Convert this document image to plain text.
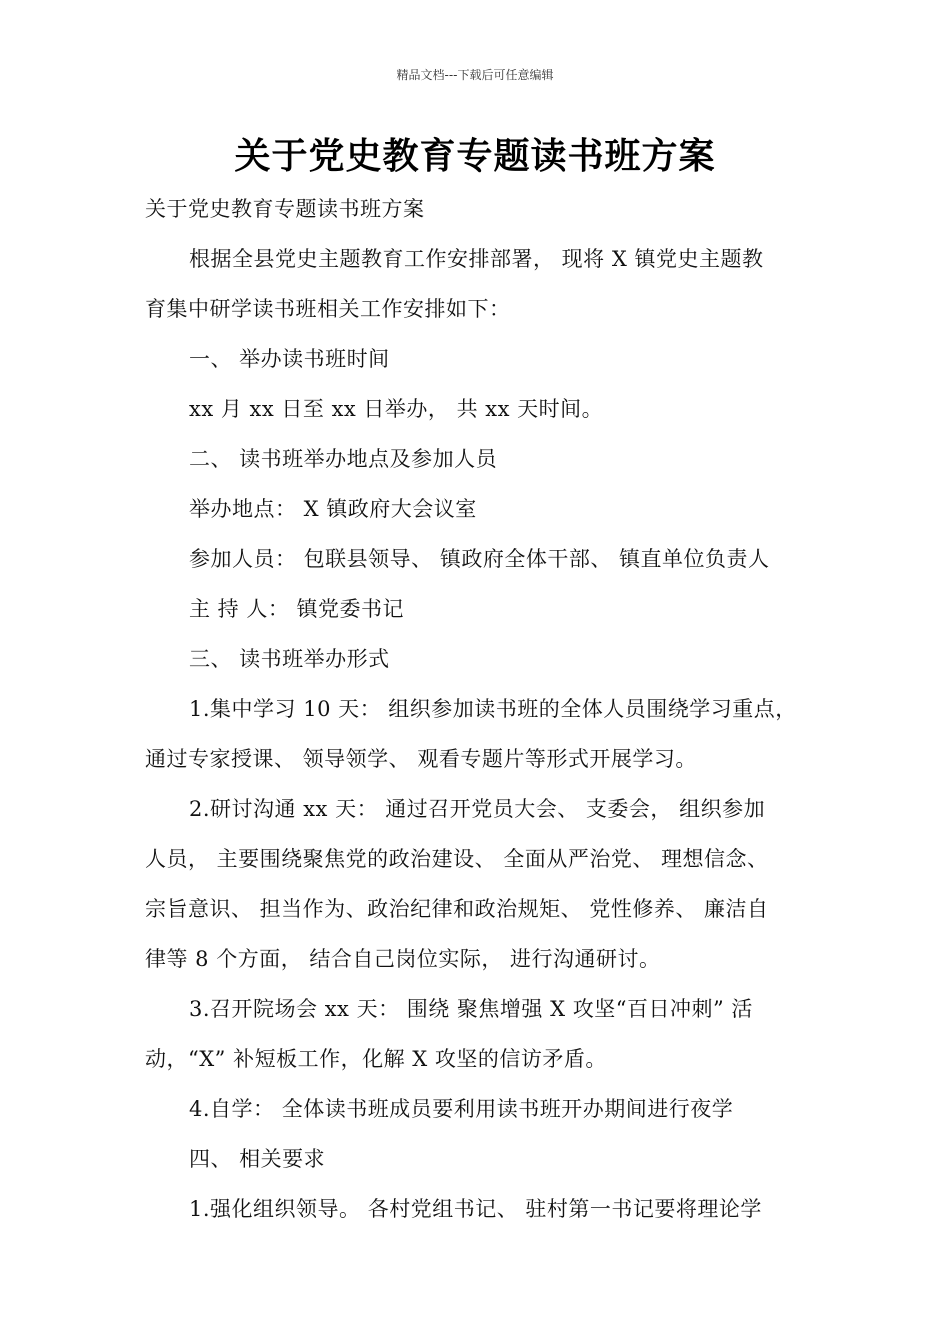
精品文档---下载后可任意编辑
关于党史教育专题读书班方案
关于党史教育专题读书班方案
根据全县党史主题教育工作安排部署， 现将 X 镇党史主题教
育集中研学读书班相关工作安排如下：
一、 举办读书班时间
xx 月 xx 日至 xx 日举办， 共 xx 天时间。
二、 读书班举办地点及参加人员
举办地点： X 镇政府大会议室
参加人员： 包联县领导、 镇政府全体干部、 镇直单位负责人
主 持 人： 镇党委书记
三、 读书班举办形式
1.集中学习 10 天： 组织参加读书班的全体人员围绕学习重点，
通过专家授课、 领导领学、 观看专题片等形式开展学习。
2.研讨沟通 xx 天： 通过召开党员大会、 支委会， 组织参加
人员， 主要围绕聚焦党的政治建设、 全面从严治党、 理想信念、
宗旨意识、 担当作为、政治纪律和政治规矩、 党性修养、 廉洁自
律等 8 个方面， 结合自己岗位实际， 进行沟通研讨。
3.召开院场会 xx 天： 围绕 聚焦增强 X 攻坚“百日冲刺” 活
动，“X” 补短板工作，化解 X 攻坚的信访矛盾。
4.自学： 全体读书班成员要利用读书班开办期间进行夜学
四、 相关要求
1.强化组织领导。 各村党组书记、 驻村第一书记要将理论学
